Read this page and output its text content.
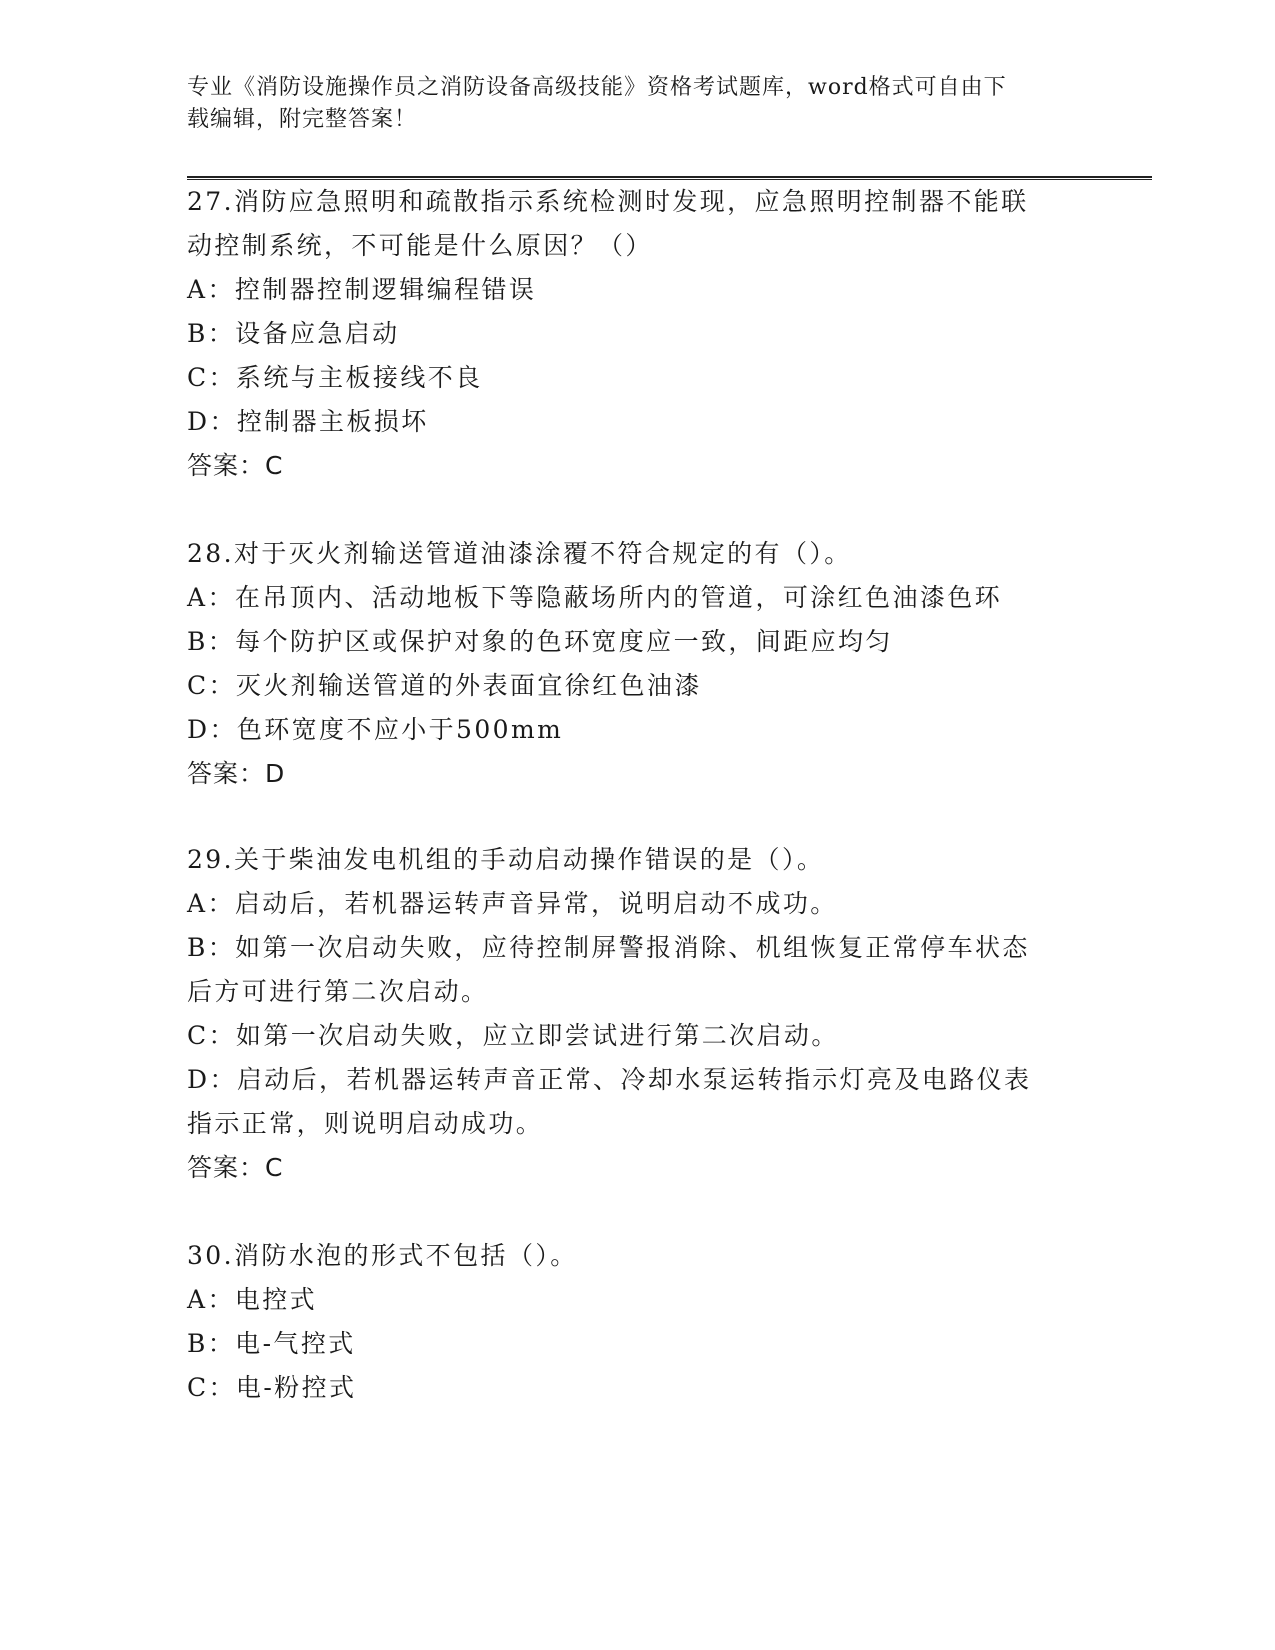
专业《消防设施操作员之消防设备高级技能》资格考试题库，word格式可自由下
载编辑，附完整答案！
27.消防应急照明和疏散指示系统检测时发现，应急照明控制器不能联
动控制系统，不可能是什么原因？（）
A：控制器控制逻辑编程错误
B：设备应急启动
C：系统与主板接线不良
D：控制器主板损坏
答案：C
28.对于灭火剂输送管道油漆涂覆不符合规定的有（）。
A：在吊顶内、活动地板下等隐蔽场所内的管道，可涂红色油漆色环
B：每个防护区或保护对象的色环宽度应一致，间距应均匀
C：灭火剂输送管道的外表面宜徐红色油漆
D：色环宽度不应小于500mm
答案：D
29.关于柴油发电机组的手动启动操作错误的是（）。
A：启动后，若机器运转声音异常，说明启动不成功。
B：如第一次启动失败，应待控制屏警报消除、机组恢复正常停车状态
后方可进行第二次启动。
C：如第一次启动失败，应立即尝试进行第二次启动。
D：启动后，若机器运转声音正常、冷却水泵运转指示灯亮及电路仪表
指示正常，则说明启动成功。
答案：C
30.消防水泡的形式不包括（）。
A：电控式
B：电-气控式
C：电-粉控式
